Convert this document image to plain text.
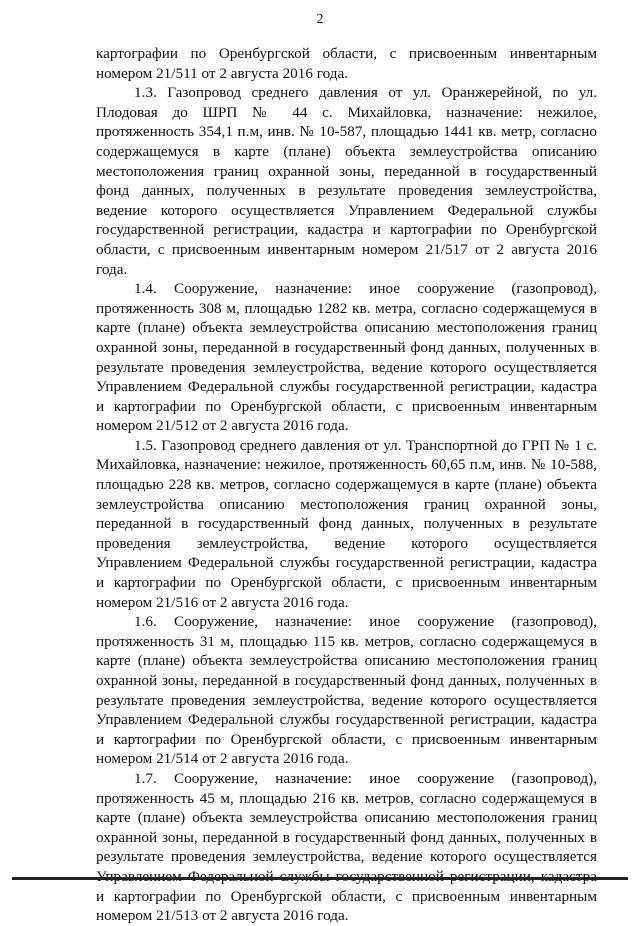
2

картографии по Оренбургской области, с присвоенным инвентарным номером 21/511 от 2 августа 2016 года.

1.3. Газопровод среднего давления от ул. Оранжерейной, по ул. Плодовая до ШРП № 44 с. Михайловка, назначение: нежилое, протяженность 354,1 п.м, инв. № 10-587, площадью 1441 кв. метр, согласно содержащемуся в карте (плане) объекта землеустройства описанию местоположения границ охранной зоны, переданной в государственный фонд данных, полученных в результате проведения землеустройства, ведение которого осуществляется Управлением Федеральной службы государственной регистрации, кадастра и картографии по Оренбургской области, с присвоенным инвентарным номером 21/517 от 2 августа 2016 года.

1.4. Сооружение, назначение: иное сооружение (газопровод), протяженность 308 м, площадью 1282 кв. метра, согласно содержащемуся в карте (плане) объекта землеустройства описанию местоположения границ охранной зоны, переданной в государственный фонд данных, полученных в результате проведения землеустройства, ведение которого осуществляется Управлением Федеральной службы государственной регистрации, кадастра и картографии по Оренбургской области, с присвоенным инвентарным номером 21/512 от 2 августа 2016 года.

1.5. Газопровод среднего давления от ул. Транспортной до ГРП № 1 с. Михайловка, назначение: нежилое, протяженность 60,65 п.м, инв. № 10-588, площадью 228 кв. метров, согласно содержащемуся в карте (плане) объекта землеустройства описанию местоположения границ охранной зоны, переданной в государственный фонд данных, полученных в результате проведения землеустройства, ведение которого осуществляется Управлением Федеральной службы государственной регистрации, кадастра и картографии по Оренбургской области, с присвоенным инвентарным номером 21/516 от 2 августа 2016 года.

1.6. Сооружение, назначение: иное сооружение (газопровод), протяженность 31 м, площадью 115 кв. метров, согласно содержащемуся в карте (плане) объекта землеустройства описанию местоположения границ охранной зоны, переданной в государственный фонд данных, полученных в результате проведения землеустройства, ведение которого осуществляется Управлением Федеральной службы государственной регистрации, кадастра и картографии по Оренбургской области, с присвоенным инвентарным номером 21/514 от 2 августа 2016 года.

1.7. Сооружение, назначение: иное сооружение (газопровод), протяженность 45 м, площадью 216 кв. метров, согласно содержащемуся в карте (плане) объекта землеустройства описанию местоположения границ охранной зоны, переданной в государственный фонд данных, полученных в результате проведения землеустройства, ведение которого осуществляется и картографии по Оренбургской области, с присвоенным инвентарным номером 21/513 от 2 августа 2016 года.
